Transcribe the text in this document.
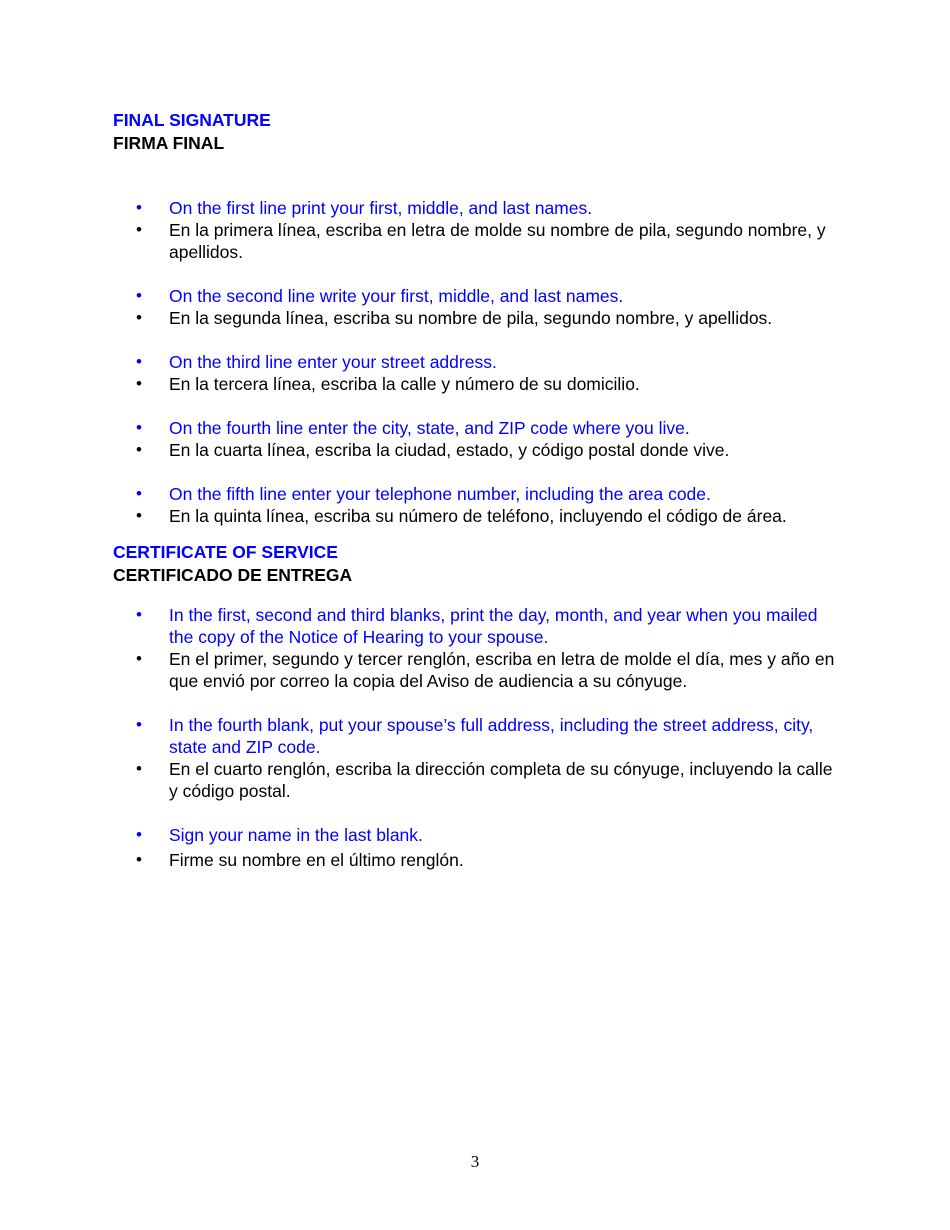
FINAL SIGNATURE

FIRMA FINAL

• On the first line print your first, middle, and last names.
• En la primera línea, escriba en letra de molde su nombre de pila, segundo nombre, y apellidos.
• On the second line write your first, middle, and last names.
• En la segunda línea, escriba su nombre de pila, segundo nombre, y apellidos.
• On the third line enter your street address.
• En la tercera línea, escriba la calle y número de su domicilio.
• On the fourth line enter the city, state, and ZIP code where you live.
• En la cuarta línea, escriba la ciudad, estado, y código postal donde vive.
• On the fifth line enter your telephone number, including the area code.
• En la quinta línea, escriba su número de teléfono, incluyendo el código de área.

CERTIFICATE OF SERVICE

CERTIFICADO DE ENTREGA

• In the first, second and third blanks, print the day, month, and year when you mailed the copy of the Notice of Hearing to your spouse.
• En el primer, segundo y tercer renglón, escriba en letra de molde el día, mes y año en que envió por correo la copia del Aviso de audiencia a su cónyuge.
• In the fourth blank, put your spouse’s full address, including the street address, city, state and ZIP code.
• En el cuarto renglón, escriba la dirección completa de su cónyuge, incluyendo la calle y código postal.
• Sign your name in the last blank.
• Firme su nombre en el último renglón.
3
